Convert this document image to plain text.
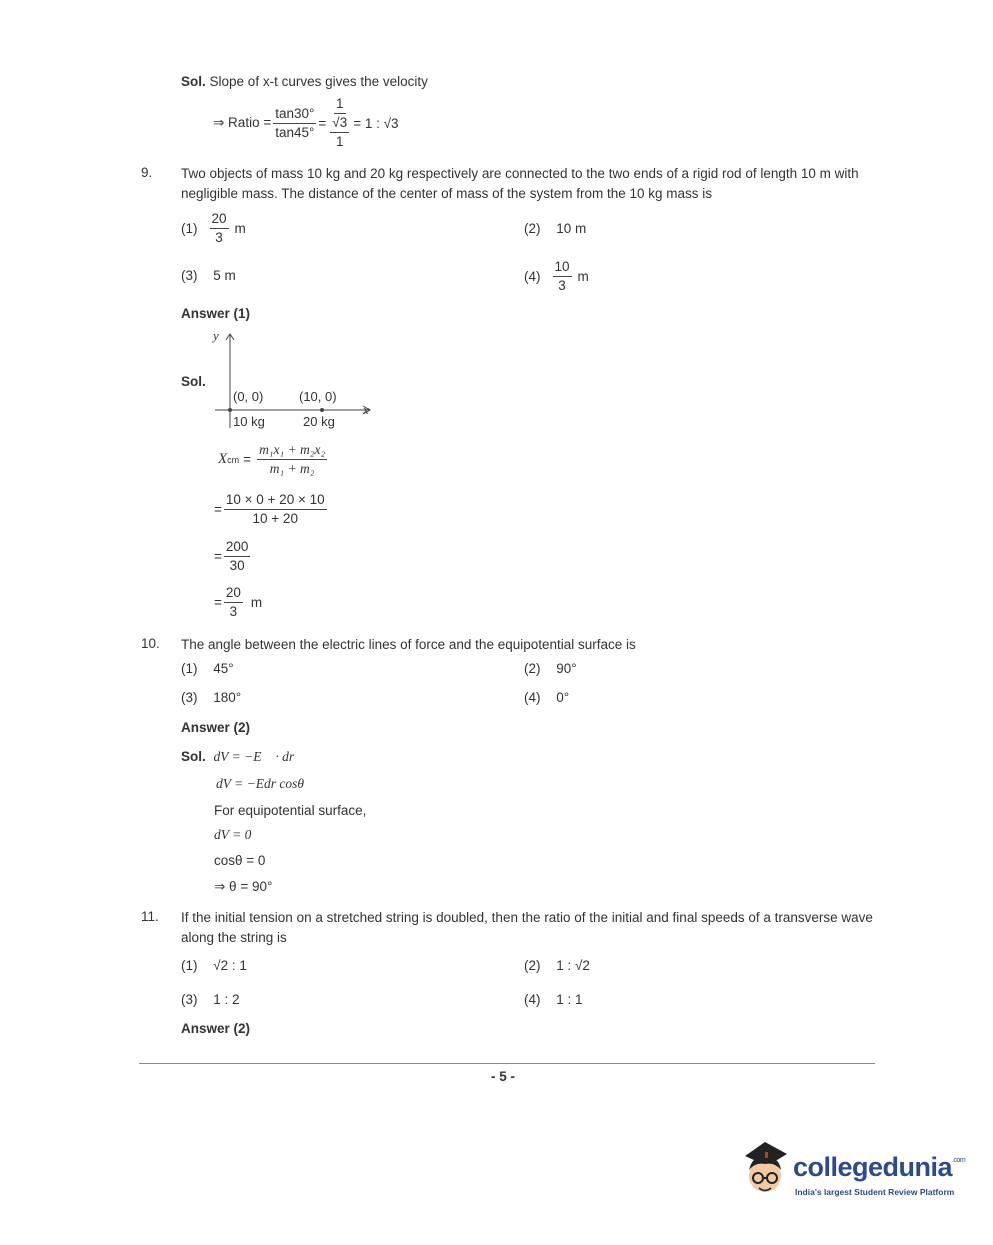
Sol. Slope of x-t curves gives the velocity
⇒ Ratio = $\frac{\tan 30^\circ}{\tan 45^\circ} = \frac{1}{\frac{√3}{1}} = 1$ : √3
9. Two objects of mass 10 kg and 20 kg respectively are connected to the two ends of a rigid rod of length 10 m with negligible mass. The distance of the center of mass of the system from the 10 kg mass is
$(1) \frac{20}{3}$ m	(2) 10 m
(3) 5 m	$(4) \frac{10}{3}$ m
Answer (1)
Sol.
y
x
(0, 0)	(10, 0)
10 kg	20 kg
X cm = $\frac{\text{m₁x₁ + m₂x₂}}{\text{m₁ + m₂}}$
= $\frac{10 \times 0 + 20 \times 10}{10 + 20}$
= $\frac{200}{30}$
= $\frac{20}{3}$ m
10. The angle between the electric lines of force and the equipotential surface is
(1) 45°	(2) 90°
(3) 180°	(4) 0°
Answer (2)
Sol. dV = −E⃗ · dr⃗
dV = −Edr cosθ
For equipotential surface,
dV = 0
cosθ = 0
⇒ θ = 90°
11. If the initial tension on a stretched string is doubled, then the ratio of the initial and final speeds of a transverse wave along the string is
(1) √2 : 1	(2) 1 : √2
(3) 1 : 2	(4) 1 : 1
Answer (2)
- 5 -
collegedunia$^{.com}$
India's largest Student Review Platform
